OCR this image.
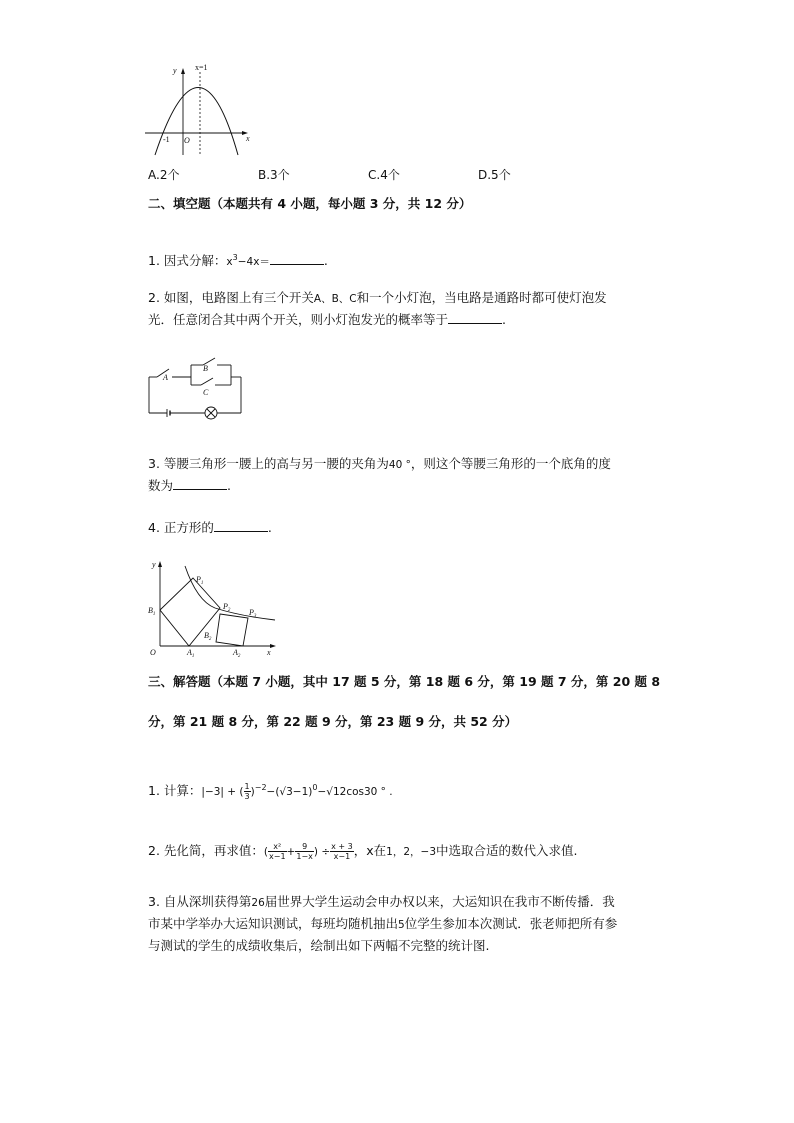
x=1
y
x
-1 O
A.2个	B.3个	C.4个	D.5个
二、填空题（本题共有 4 小题，每小题 3 分，共 12 分）
1. 因式分解：$x^3-4x=$	.
2. 如图，电路图上有三个开关A、B、C和一个小灯泡，当电路是通路时都可使灯泡发
光．任意闭合其中两个开关，则小灯泡发光的概率等于	.
A
B
C
3. 等腰三角形一腰上的高与另一腰的夹角为40 °，则这个等腰三角形的一个底角的度
数为	.
4. 正方形的	.
y
x
O
$P_1$
$P_2$ $P_3$
$B_1$
$B_2$
$A_1$	$A_2$
三、解答题（本题 7 小题，其中 17 题 5 分，第 18 题 6 分，第 19 题 7 分，第 20 题 8
分，第 21 题 8 分，第 22 题 9 分，第 23 题 9 分，共 52 分）
1. 计算：|−3| + ( $\frac{1}{3} )^{-2}-(√3-1)^0-√12\cos 30$ ° .
2. 先化简，再求值：( $\frac{\text{x²}}{x-1} + \frac{9}{1-x}$ ) ÷ $\frac{x + 3}{x-1}$ ，x在1，2，−3中选取合适的数代入求值.
3. 自从深圳获得第26届世界大学生运动会申办权以来，大运知识在我市不断传播．我
市某中学举办大运知识测试，每班均随机抽出5位学生参加本次测试．张老师把所有参
与测试的学生的成绩收集后，绘制出如下两幅不完整的统计图.
